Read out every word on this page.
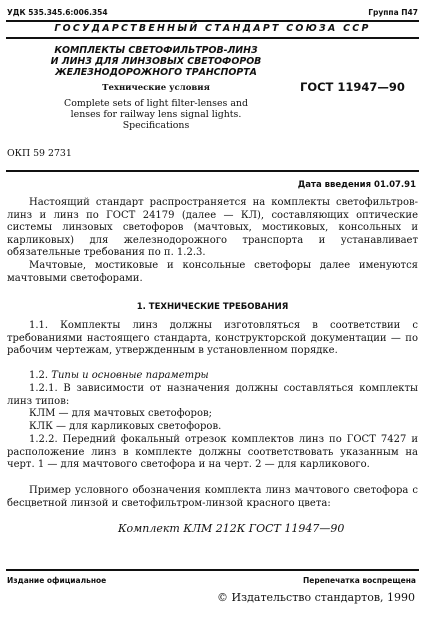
УДК 535.345.6:006.354	Группа П47
ГОСУДАРСТВЕННЫЙ СТАНДАРТ СОЮЗА ССР
КОМПЛЕКТЫ СВЕТОФИЛЬТРОВ-ЛИНЗ
И ЛИНЗ ДЛЯ ЛИНЗОВЫХ СВЕТОФОРОВ
ЖЕЛЕЗНОДОРОЖНОГО ТРАНСПОРТА
Технические условия	ГОСТ 11947—90
Complete sets of light filter-lenses and
lenses for railway lens signal lights.
Specifications
ОКП 59 2731
Дата введения 01.07.91
Настоящий стандарт распространяется на комплекты светофильтров-линз и линз по ГОСТ 24179 (далее — КЛ), составляющих оптические системы линзовых светофоров (мачтовых, мостиковых, консольных и карликовых) для железнодорожного транспорта и устанавливает обязательные требования по п. 1.2.3.
Мачтовые, мостиковые и консольные светофоры далее именуются мачтовыми светофорами.
1. ТЕХНИЧЕСКИЕ ТРЕБОВАНИЯ
1.1. Комплекты линз должны изготовляться в соответствии с требованиями настоящего стандарта, конструкторской документации — по рабочим чертежам, утвержденным в установленном порядке.
1.2. Типы и основные параметры
1.2.1. В зависимости от назначения должны составляться комплекты линз типов:
КЛМ — для мачтовых светофоров;
КЛК — для карликовых светофоров.
1.2.2. Передний фокальный отрезок комплектов линз по ГОСТ 7427 и расположение линз в комплекте должны соответствовать указанным на черт. 1 — для мачтового светофора и на черт. 2 — для карликового.
Пример условного обозначения комплекта линз мачтового светофора с бесцветной линзой и светофильтром-линзой красного цвета:
Комплект КЛМ 212К ГОСТ 11947—90
Издание официальное	Перепечатка воспрещена
© Издательство стандартов, 1990
